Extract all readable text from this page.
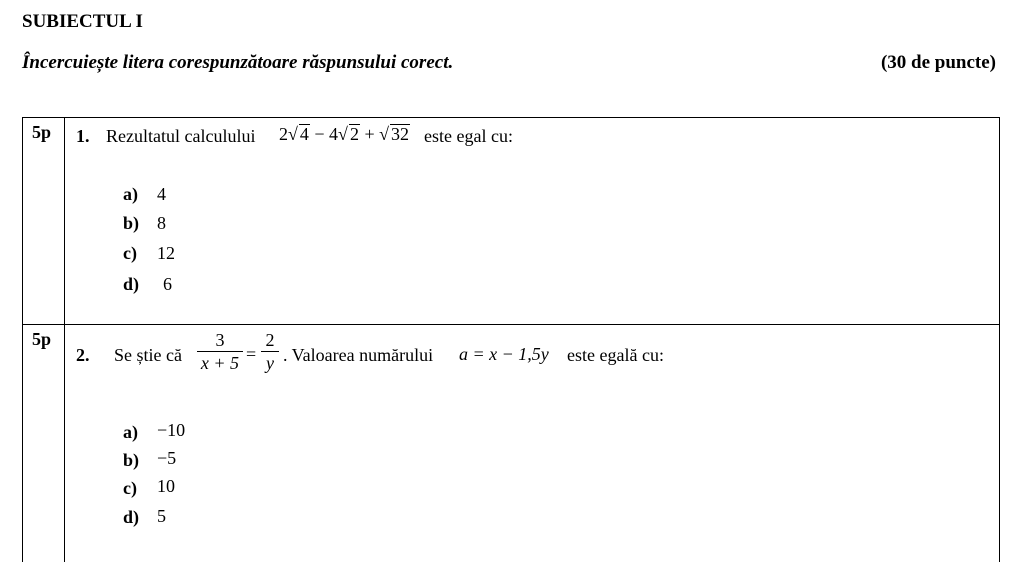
SUBIECTUL I
Încercuiește litera corespunzătoare răspunsului corect.	(30 de puncte)
5p 1. Rezultatul calculului 2√ 4 − 4√ 2 + √ 32 este egal cu:
a) 4
b) 8
c) 12
d) 6
5p
2. Se știe că $\frac{3}{x + 5} = \frac{2}{y}$ . Valoarea numărului a = x − 1,5y este egală cu:
a) −10
b) −5
c) 10
d) 5
